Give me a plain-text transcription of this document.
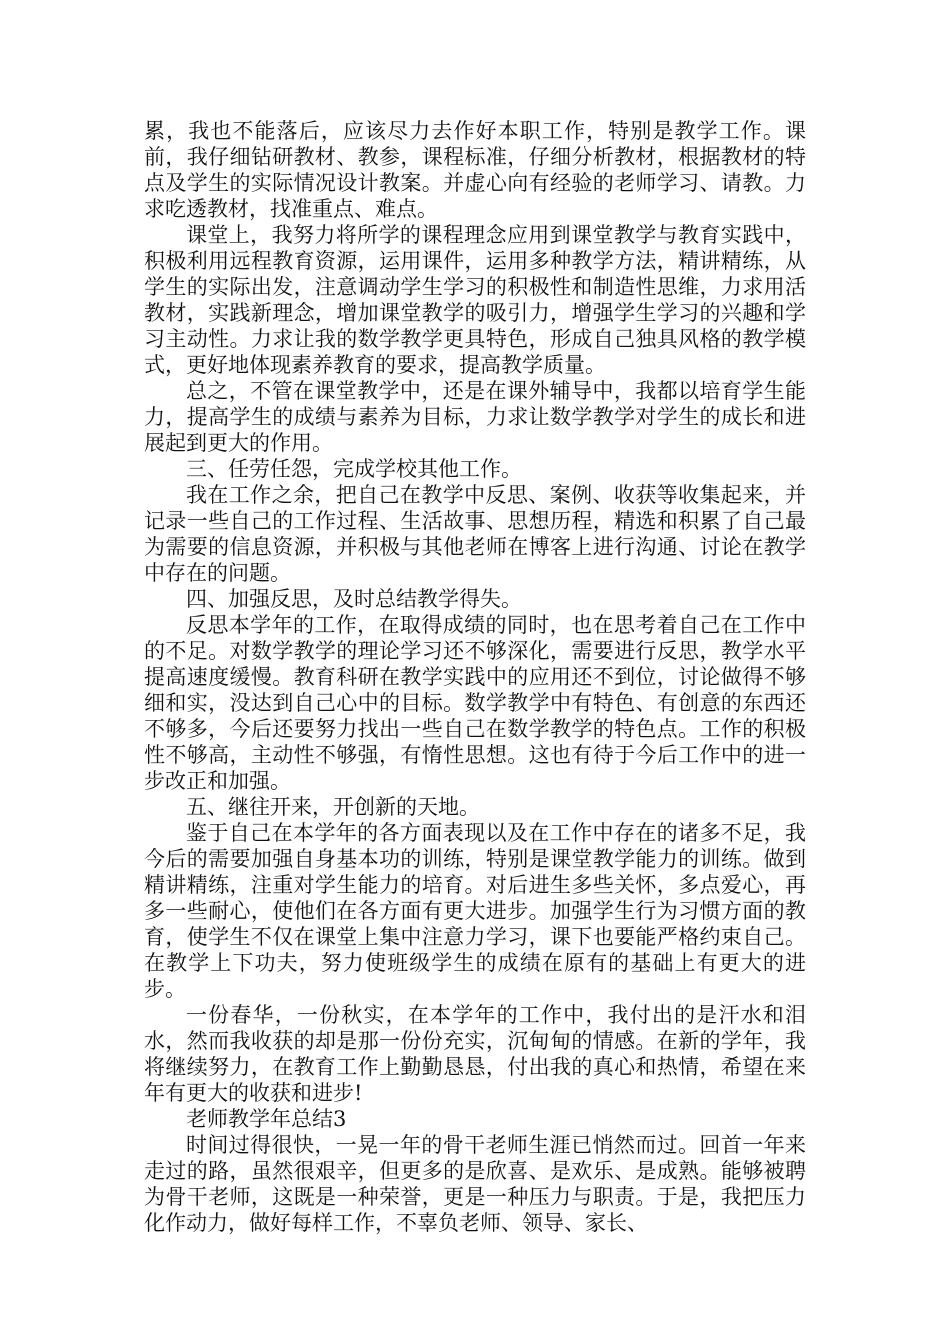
累，我也不能落后，应该尽力去作好本职工作，特别是教学工作。课前，我仔细钻研教材、教参，课程标准，仔细分析教材，根据教材的特点及学生的实际情况设计教案。并虚心向有经验的老师学习、请教。力求吃透教材，找准重点、难点。

课堂上，我努力将所学的课程理念应用到课堂教学与教育实践中，积极利用远程教育资源，运用课件，运用多种教学方法，精讲精练，从学生的实际出发，注意调动学生学习的积极性和制造性思维，力求用活教材，实践新理念，增加课堂教学的吸引力，增强学生学习的兴趣和学习主动性。力求让我的数学教学更具特色，形成自己独具风格的教学模式，更好地体现素养教育的要求，提高教学质量。

总之，不管在课堂教学中，还是在课外辅导中，我都以培育学生能力，提高学生的成绩与素养为目标，力求让数学教学对学生的成长和进展起到更大的作用。

三、任劳任怨，完成学校其他工作。

我在工作之余，把自己在教学中反思、案例、收获等收集起来，并记录一些自己的工作过程、生活故事、思想历程，精选和积累了自己最为需要的信息资源，并积极与其他老师在博客上进行沟通、讨论在教学中存在的问题。

四、加强反思，及时总结教学得失。

反思本学年的工作，在取得成绩的同时，也在思考着自己在工作中的不足。对数学教学的理论学习还不够深化，需要进行反思，教学水平提高速度缓慢。教育科研在教学实践中的应用还不到位，讨论做得不够细和实，没达到自己心中的目标。数学教学中有特色、有创意的东西还不够多，今后还要努力找出一些自己在数学教学的特色点。工作的积极性不够高，主动性不够强，有惰性思想。这也有待于今后工作中的进一步改正和加强。

五、继往开来，开创新的天地。

鉴于自己在本学年的各方面表现以及在工作中存在的诸多不足，我今后的需要加强自身基本功的训练，特别是课堂教学能力的训练。做到精讲精练，注重对学生能力的培育。对后进生多些关怀，多点爱心，再多一些耐心，使他们在各方面有更大进步。加强学生行为习惯方面的教育，使学生不仅在课堂上集中注意力学习，课下也要能严格约束自己。在教学上下功夫，努力使班级学生的成绩在原有的基础上有更大的进步。

一份春华，一份秋实，在本学年的工作中，我付出的是汗水和泪水，然而我收获的却是那一份份充实，沉甸甸的情感。在新的学年，我将继续努力，在教育工作上勤勤恳恳，付出我的真心和热情，希望在来年有更大的收获和进步!

老师教学年总结3

时间过得很快，一晃一年的骨干老师生涯已悄然而过。回首一年来走过的路，虽然很艰辛，但更多的是欣喜、是欢乐、是成熟。能够被聘为骨干老师，这既是一种荣誉，更是一种压力与职责。于是，我把压力化作动力，做好每样工作，不辜负老师、领导、家长、
